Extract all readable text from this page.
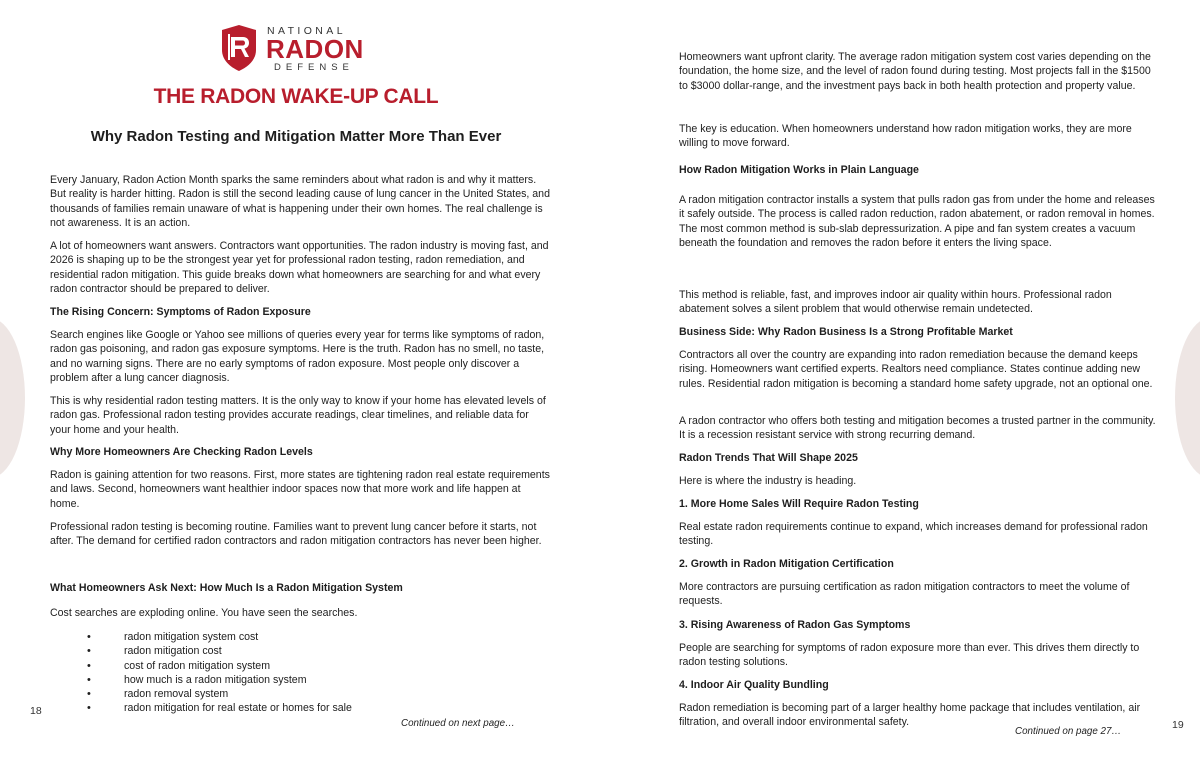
NATIONAL
RADON
DEFENSE
THE RADON WAKE-UP CALL
Why Radon Testing and Mitigation Matter More Than Ever

Every January, Radon Action Month sparks the same reminders about what radon is and why it matters. But reality is harder hitting. Radon is still the second leading cause of lung cancer in the United States, and thousands of families remain unaware of what is happening under their own homes. The real challenge is not awareness. It is an action.

A lot of homeowners want answers. Contractors want opportunities. The radon industry is moving fast, and 2026 is shaping up to be the strongest year yet for professional radon testing, radon remediation, and residential radon mitigation. This guide breaks down what homeowners are searching for and what every radon contractor should be prepared to deliver.

The Rising Concern: Symptoms of Radon Exposure

Search engines like Google or Yahoo see millions of queries every year for terms like symptoms of radon, radon gas poisoning, and radon gas exposure symptoms. Here is the truth. Radon has no smell, no taste, and no warning signs. There are no early symptoms of radon exposure. Most people only discover a problem after a lung cancer diagnosis.

This is why residential radon testing matters. It is the only way to know if your home has elevated levels of radon gas. Professional radon testing provides accurate readings, clear timelines, and reliable data for your home and your health.

Why More Homeowners Are Checking Radon Levels

Radon is gaining attention for two reasons. First, more states are tightening radon real estate requirements and laws. Second, homeowners want healthier indoor spaces now that more work and life happen at home.

Professional radon testing is becoming routine. Families want to prevent lung cancer before it starts, not after. The demand for certified radon contractors and radon mitigation contractors has never been higher.

What Homeowners Ask Next: How Much Is a Radon Mitigation System

Cost searches are exploding online. You have seen the searches.

• radon mitigation system cost
• radon mitigation cost
• cost of radon mitigation system
• how much is a radon mitigation system
• radon removal system
• radon mitigation for real estate or homes for sale
18
Continued on next page…

Homeowners want upfront clarity. The average radon mitigation system cost varies depending on the foundation, the home size, and the level of radon found during testing. Most projects fall in the $1500 to $3000 dollar-range, and the investment pays back in both health protection and property value.

The key is education. When homeowners understand how radon mitigation works, they are more willing to move forward.

How Radon Mitigation Works in Plain Language

A radon mitigation contractor installs a system that pulls radon gas from under the home and releases it safely outside. The process is called radon reduction, radon abatement, or radon removal in homes. The most common method is sub-slab depressurization. A pipe and fan system creates a vacuum beneath the foundation and removes the radon before it enters the living space.

This method is reliable, fast, and improves indoor air quality within hours. Professional radon abatement solves a silent problem that would otherwise remain undetected.

Business Side: Why Radon Business Is a Strong Profitable Market

Contractors all over the country are expanding into radon remediation because the demand keeps rising. Homeowners want certified experts. Realtors need compliance. States continue adding new rules. Residential radon mitigation is becoming a standard home safety upgrade, not an optional one.

A radon contractor who offers both testing and mitigation becomes a trusted partner in the community. It is a recession resistant service with strong recurring demand.

Radon Trends That Will Shape 2025

Here is where the industry is heading.

1. More Home Sales Will Require Radon Testing

Real estate radon requirements continue to expand, which increases demand for professional radon testing.

2. Growth in Radon Mitigation Certification

More contractors are pursuing certification as radon mitigation contractors to meet the volume of requests.

3. Rising Awareness of Radon Gas Symptoms

People are searching for symptoms of radon exposure more than ever. This drives them directly to radon testing solutions.

4. Indoor Air Quality Bundling

Radon remediation is becoming part of a larger healthy home package that includes ventilation, air filtration, and overall indoor environmental safety.	19
Continued on page 27…
